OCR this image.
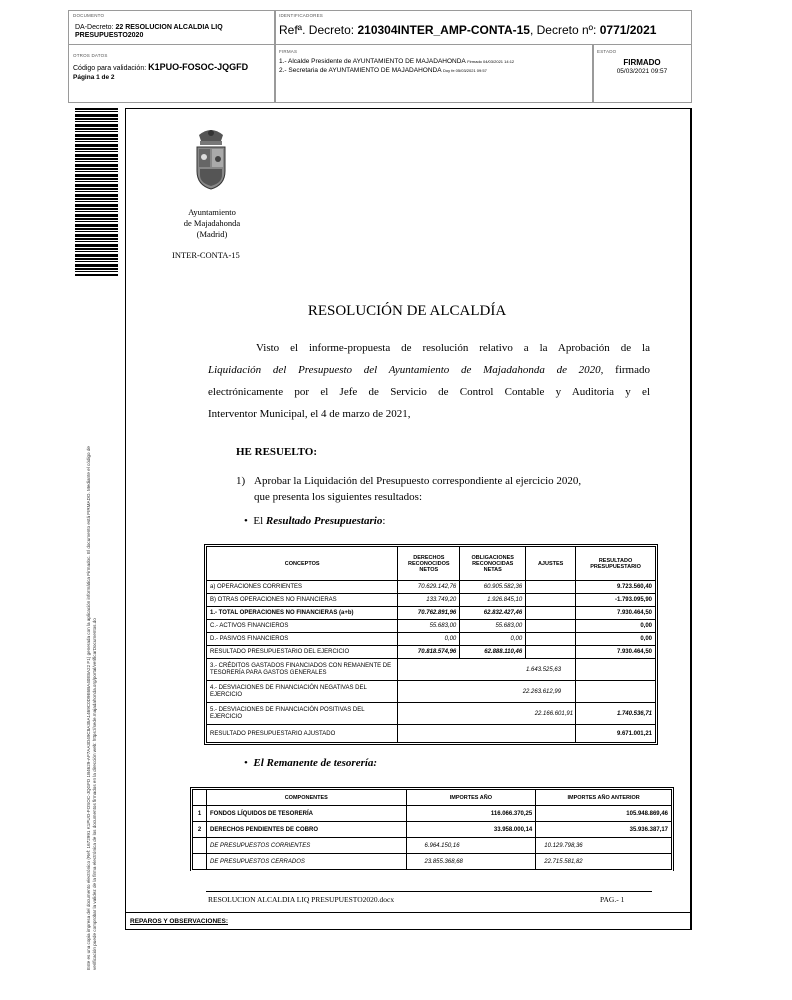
DOCUMENTO
DA-Decreto: 22 RESOLUCION ALCALDIA LIQ PRESUPUESTO2020
IDENTIFICADORES
Refª. Decreto: 210304INTER_AMP-CONTA-15, Decreto nº: 0771/2021
OTROS DATOS
Código para validación: K1PUO-FOSOC-JQGFD
Página 1 de 2
FIRMAS
1.- Alcalde Presidente de AYUNTAMIENTO DE MAJADAHONDA Firmado 04/03/2021 14:12
2.- Secretaria de AYUNTAMIENTO DE MAJADAHONDA Doy fe 05/03/2021 09:57
ESTADO
FIRMADO
05/03/2021 09:57
Este es una copia impresa del documento electrónico (Ref: 1672991 K1PUO-FOSOC-JQGFD 1B4629-AF7AA3D49C8A35A1469C0D9E6BA40E8A22 F1) generada con la aplicación informática Firmadoc. El documento está FIRMADO. Mediante el código de verificación puede comprobar la validez de la firma electrónica de los documentos firmados en la dirección web: https://sede.majadahonda.org/portal/verificarDocumentos.do
Ayuntamiento
de Majadahonda
(Madrid)
INTER-CONTA-15
RESOLUCIÓN DE ALCALDÍA
Visto el informe-propuesta de resolución relativo a la Aprobación de la
Liquidación del Presupuesto del Ayuntamiento de Majadahonda de 2020, firmado
electrónicamente por el Jefe de Servicio de Control Contable y Auditoria y el
Interventor Municipal, el 4 de marzo de 2021,
HE RESUELTO:
1) Aprobar la Liquidación del Presupuesto correspondiente al ejercicio 2020,
que presenta los siguientes resultados:
• El Resultado Presupuestario:
CONCEPTOS	DERECHOS RECONOCIDOS NETOS	OBLIGACIONES RECONOCIDAS NETAS	AJUSTES	RESULTADO PRESUPUESTARIO
a) OPERACIONES CORRIENTES	70.629.142,76	60.905.582,36		9.723.560,40
B) OTRAS OPERACIONES NO FINANCIERAS	133.749,20	1.926.845,10		-1.793.095,90
1.- TOTAL OPERACIONES NO FINANCIERAS (a+b)	70.762.891,96	62.832.427,46		7.930.464,50
C.- ACTIVOS FINANCIEROS	55.683,00	55.683,00		0,00
D.- PASIVOS FINANCIEROS	0,00	0,00		0,00
RESULTADO PRESUPUESTARIO DEL EJERCICIO	70.818.574,96	62.888.110,46		7.930.464,50
3.- CRÉDITOS GASTADOS FINANCIADOS CON REMANENTE DE TESORERÍA PARA GASTOS GENERALES	1.643.525,63			
4.- DESVIACIONES DE FINANCIACIÓN NEGATIVAS DEL EJERCICIO	22.263.612,99			
5.- DESVIACIONES DE FINANCIACIÓN POSITIVAS DEL EJERCICIO	22.166.601,91			1.740.536,71
RESULTADO PRESUPUESTARIO AJUSTADO				9.671.001,21
• El Remanente de tesorería:
	COMPONENTES	IMPORTES AÑO		IMPORTES AÑO ANTERIOR	
1	FONDOS LÍQUIDOS DE TESORERÍA		116.066.370,25		105.948.869,46
2	DERECHOS PENDIENTES DE COBRO		33.958.000,14		35.936.387,17
	DE PRESUPUESTOS CORRIENTES	6.964.150,16		10.129.798,36	
	DE PRESUPUESTOS CERRADOS	23.855.368,68		22.715.581,82	
RESOLUCION ALCALDIA LIQ PRESUPUESTO2020.docx	PAG.- 1
REPAROS Y OBSERVACIONES:
